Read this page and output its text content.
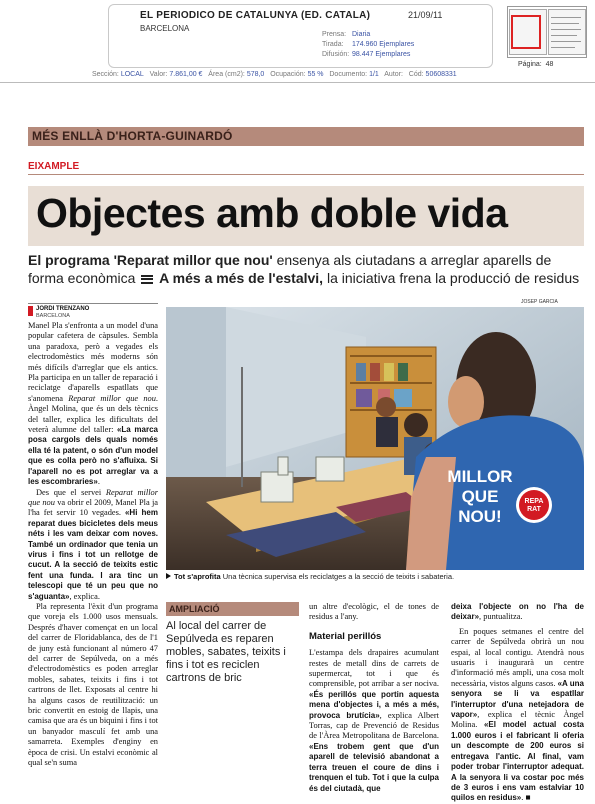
EL PERIODICO DE CATALUNYA (ED. CATALA)	21/09/11
BARCELONA
Prensa: Diaria
Tirada:	174.960 Ejemplares
Difusión: 98.447 Ejemplares
Página: 48
Sección: LOCAL Valor: 7.861,00 € Área (cm2): 578,0 Ocupación: 55 % Documento: 1/1 Autor: Cód: 50608331
MÉS ENLLÀ D'HORTA-GUINARDÓ
EIXAMPLE
Objectes amb doble vida
El programa 'Reparat millor que nou' ensenya als ciutadans a arreglar aparells de forma econòmica A més a més de l'estalvi, la iniciativa frena la producció de residus
JOSEP GARCIA
JORDI TRENZANO
BARCELONA

Manel Pla s'enfronta a un model d'una popular cafetera de càpsules. Sembla una paradoxa, però a vegades els electrodomèstics més moderns són més difícils d'arreglar que els antics. Pla participa en un taller de reparació i reciclatge d'aparells espatllats que s'anomena Reparat millor que nou. Àngel Molina, que és un dels tècnics del taller, explica les dificultats del veterà alumne del taller: «La marca posa cargols dels quals només ella té la patent, o són d'un model que es colla però no s'afluixa. Si l'aparell no es pot arreglar va a les escombraries».

Des que el servei Reparat millor que nou va obrir el 2009, Manel Pla ja l'ha fet servir 10 vegades. «Hi hem reparat dues bicicletes dels meus néts i les vam deixar com noves. També un ordinador que tenia un virus i fins i tot un rellotge de cucut. A la secció de teixits estic fent una funda. I ara tinc un telescopi que té un peu que no s'aguanta», explica.

Pla representa l'èxit d'un programa que voreja els 1.000 usos mensuals. Després d'haver començat en un local del carrer de Floridablanca, des de l'1 de juny està funcionant al número 47 del carrer de Sepúlveda, on a més d'electrodomèstics es poden arreglar mobles, sabates, teixits i fins i tot cartrons de llet. Exposats al centre hi ha alguns casos de reutilització: un bric convertit en estoig de llapis, una camisa que ara és un biquini i fins i tot un banyador masculí fet amb una samarreta. Exemples d'enginy en època de crisi. Un estalvi econòmic al qual se'n suma

MILLOR
QUE
NOU!
REPA
RAT
Tot s'aprofita Una tècnica supervisa els reciclatges a la secció de teixits i sabateria.
AMPLIACIÓ
Al local del carrer de Sepúlveda es reparen mobles, sabates, teixits i fins i tot es reciclen cartrons de bric

un altre d'ecològic, el de tones de residus a l'any.

Material perillós

L'estampa dels drapaires acumulant restes de metall dins de carrets de supermercat, tot i que és comprensible, pot arribar a ser nociva. «És perillós que portin aquesta mena d'objectes i, a més a més, provoca brutícia», explica Albert Torras, cap de Prevenció de Residus de l'Àrea Metropolitana de Barcelona. «Ens trobem gent que d'un aparell de televisió abandonat a terra treuen el coure de dins i trenquen el tub. Tot i que la culpa és del ciutadà, que

deixa l'objecte on no l'ha de deixar», puntualitza.

En poques setmanes el centre del carrer de Sepúlveda obrirà un nou espai, al local contigu. Atendrà nous usuaris i inaugurarà un centre d'informació més ampli, una cosa molt necessària, vistos alguns casos. «A una senyora se li va espatllar l'interruptor d'una netejadora de vapor», explica el tècnic Àngel Molina. «El model actual costa 1.000 euros i el fabricant li oferia un descompte de 200 euros si entregava l'antic. Al final, vam poder trobar l'interruptor adequat. A la senyora li va costar poc més de 3 euros i ens vam estalviar 10 quilos en residus». ■
